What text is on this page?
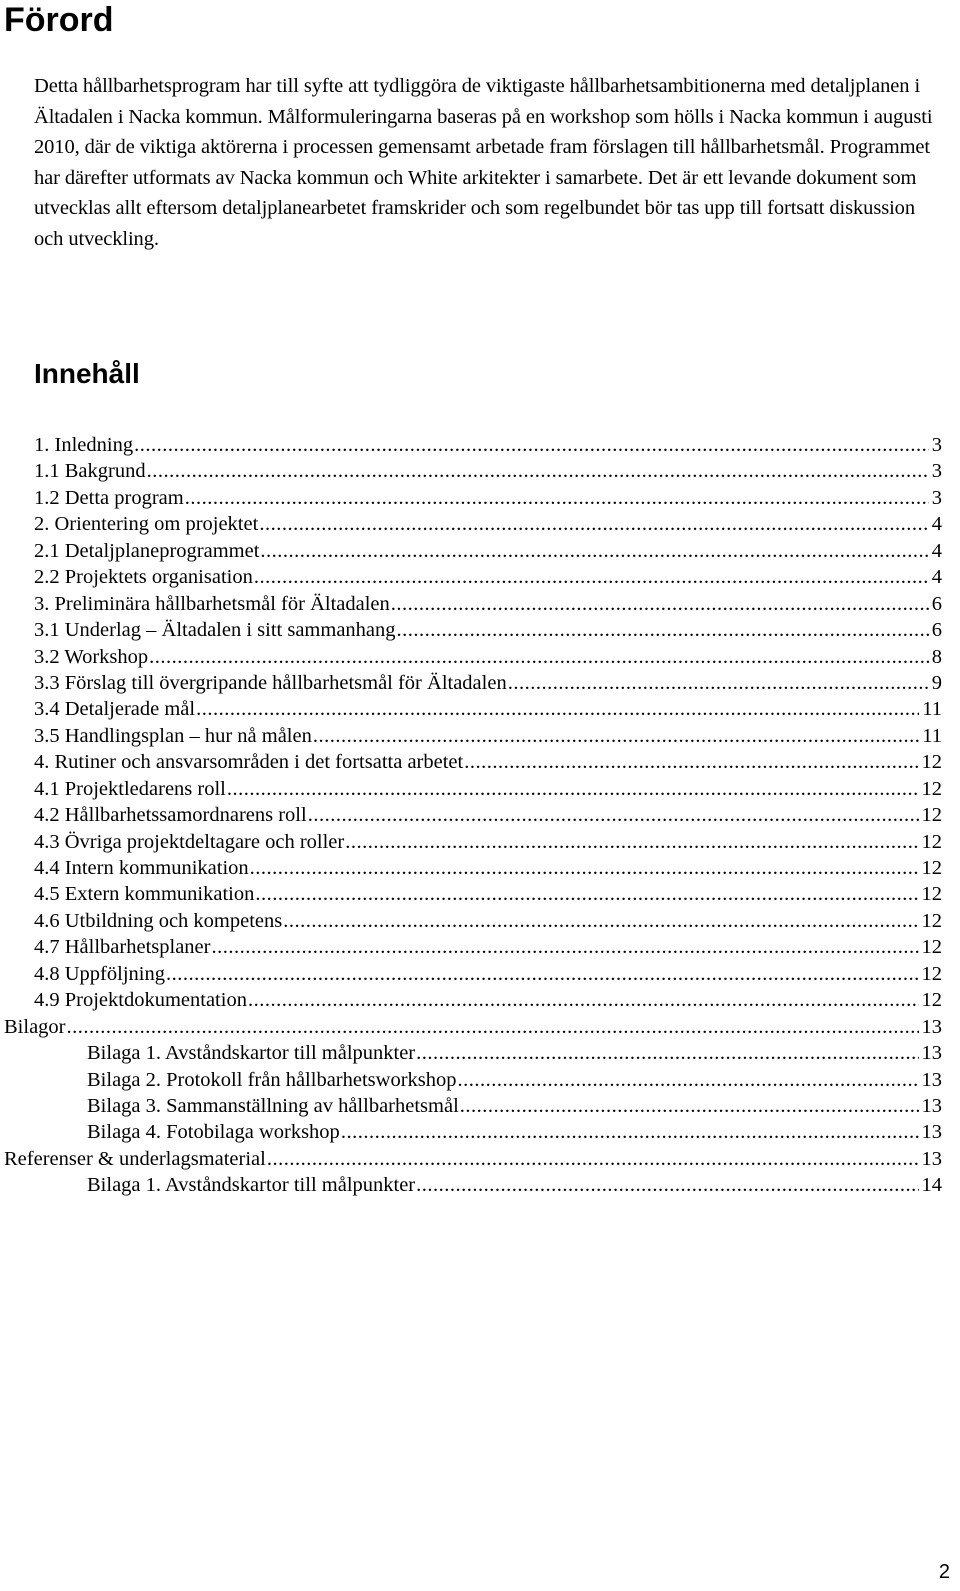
Förord

Detta hållbarhetsprogram har till syfte att tydliggöra de viktigaste hållbarhetsambitionerna med detaljplanen i Ältadalen i Nacka kommun. Målformuleringarna baseras på en workshop som hölls i Nacka kommun i augusti 2010, där de viktiga aktörerna i processen gemensamt arbetade fram förslagen till hållbarhetsmål. Programmet har därefter utformats av Nacka kommun och White arkitekter i samarbete. Det är ett levande dokument som utvecklas allt eftersom detaljplanearbetet framskrider och som regelbundet bör tas upp till fortsatt diskussion och utveckling.

Innehåll
1. Inledning .....	3
1.1 Bakgrund .....	3
1.2 Detta program .....	3
2. Orientering om projektet .....	4
2.1 Detaljplaneprogrammet .....	4
2.2 Projektets organisation .....	4
3. Preliminära hållbarhetsmål för Ältadalen .....	6
3.1 Underlag – Ältadalen i sitt sammanhang .....	6
3.2 Workshop .....	8
3.3 Förslag till övergripande hållbarhetsmål för Ältadalen .....	9
3.4 Detaljerade mål .....	11
3.5 Handlingsplan – hur nå målen .....	11
4. Rutiner och ansvarsområden i det fortsatta arbetet .....	12
4.1 Projektledarens roll .....	12
4.2 Hållbarhetssamordnarens roll .....	12
4.3 Övriga projektdeltagare och roller .....	12
4.4 Intern kommunikation .....	12
4.5 Extern kommunikation .....	12
4.6 Utbildning och kompetens .....	12
4.7 Hållbarhetsplaner .....	12
4.8 Uppföljning .....	12
4.9 Projektdokumentation .....	12
Bilagor .....	13
Bilaga 1. Avståndskartor till målpunkter .....	13
Bilaga 2. Protokoll från hållbarhetsworkshop .....	13
Bilaga 3. Sammanställning av hållbarhetsmål .....	13
Bilaga 4. Fotobilaga workshop .....	13
Referenser & underlagsmaterial .....	13
Bilaga 1. Avståndskartor till målpunkter .....	14
2
